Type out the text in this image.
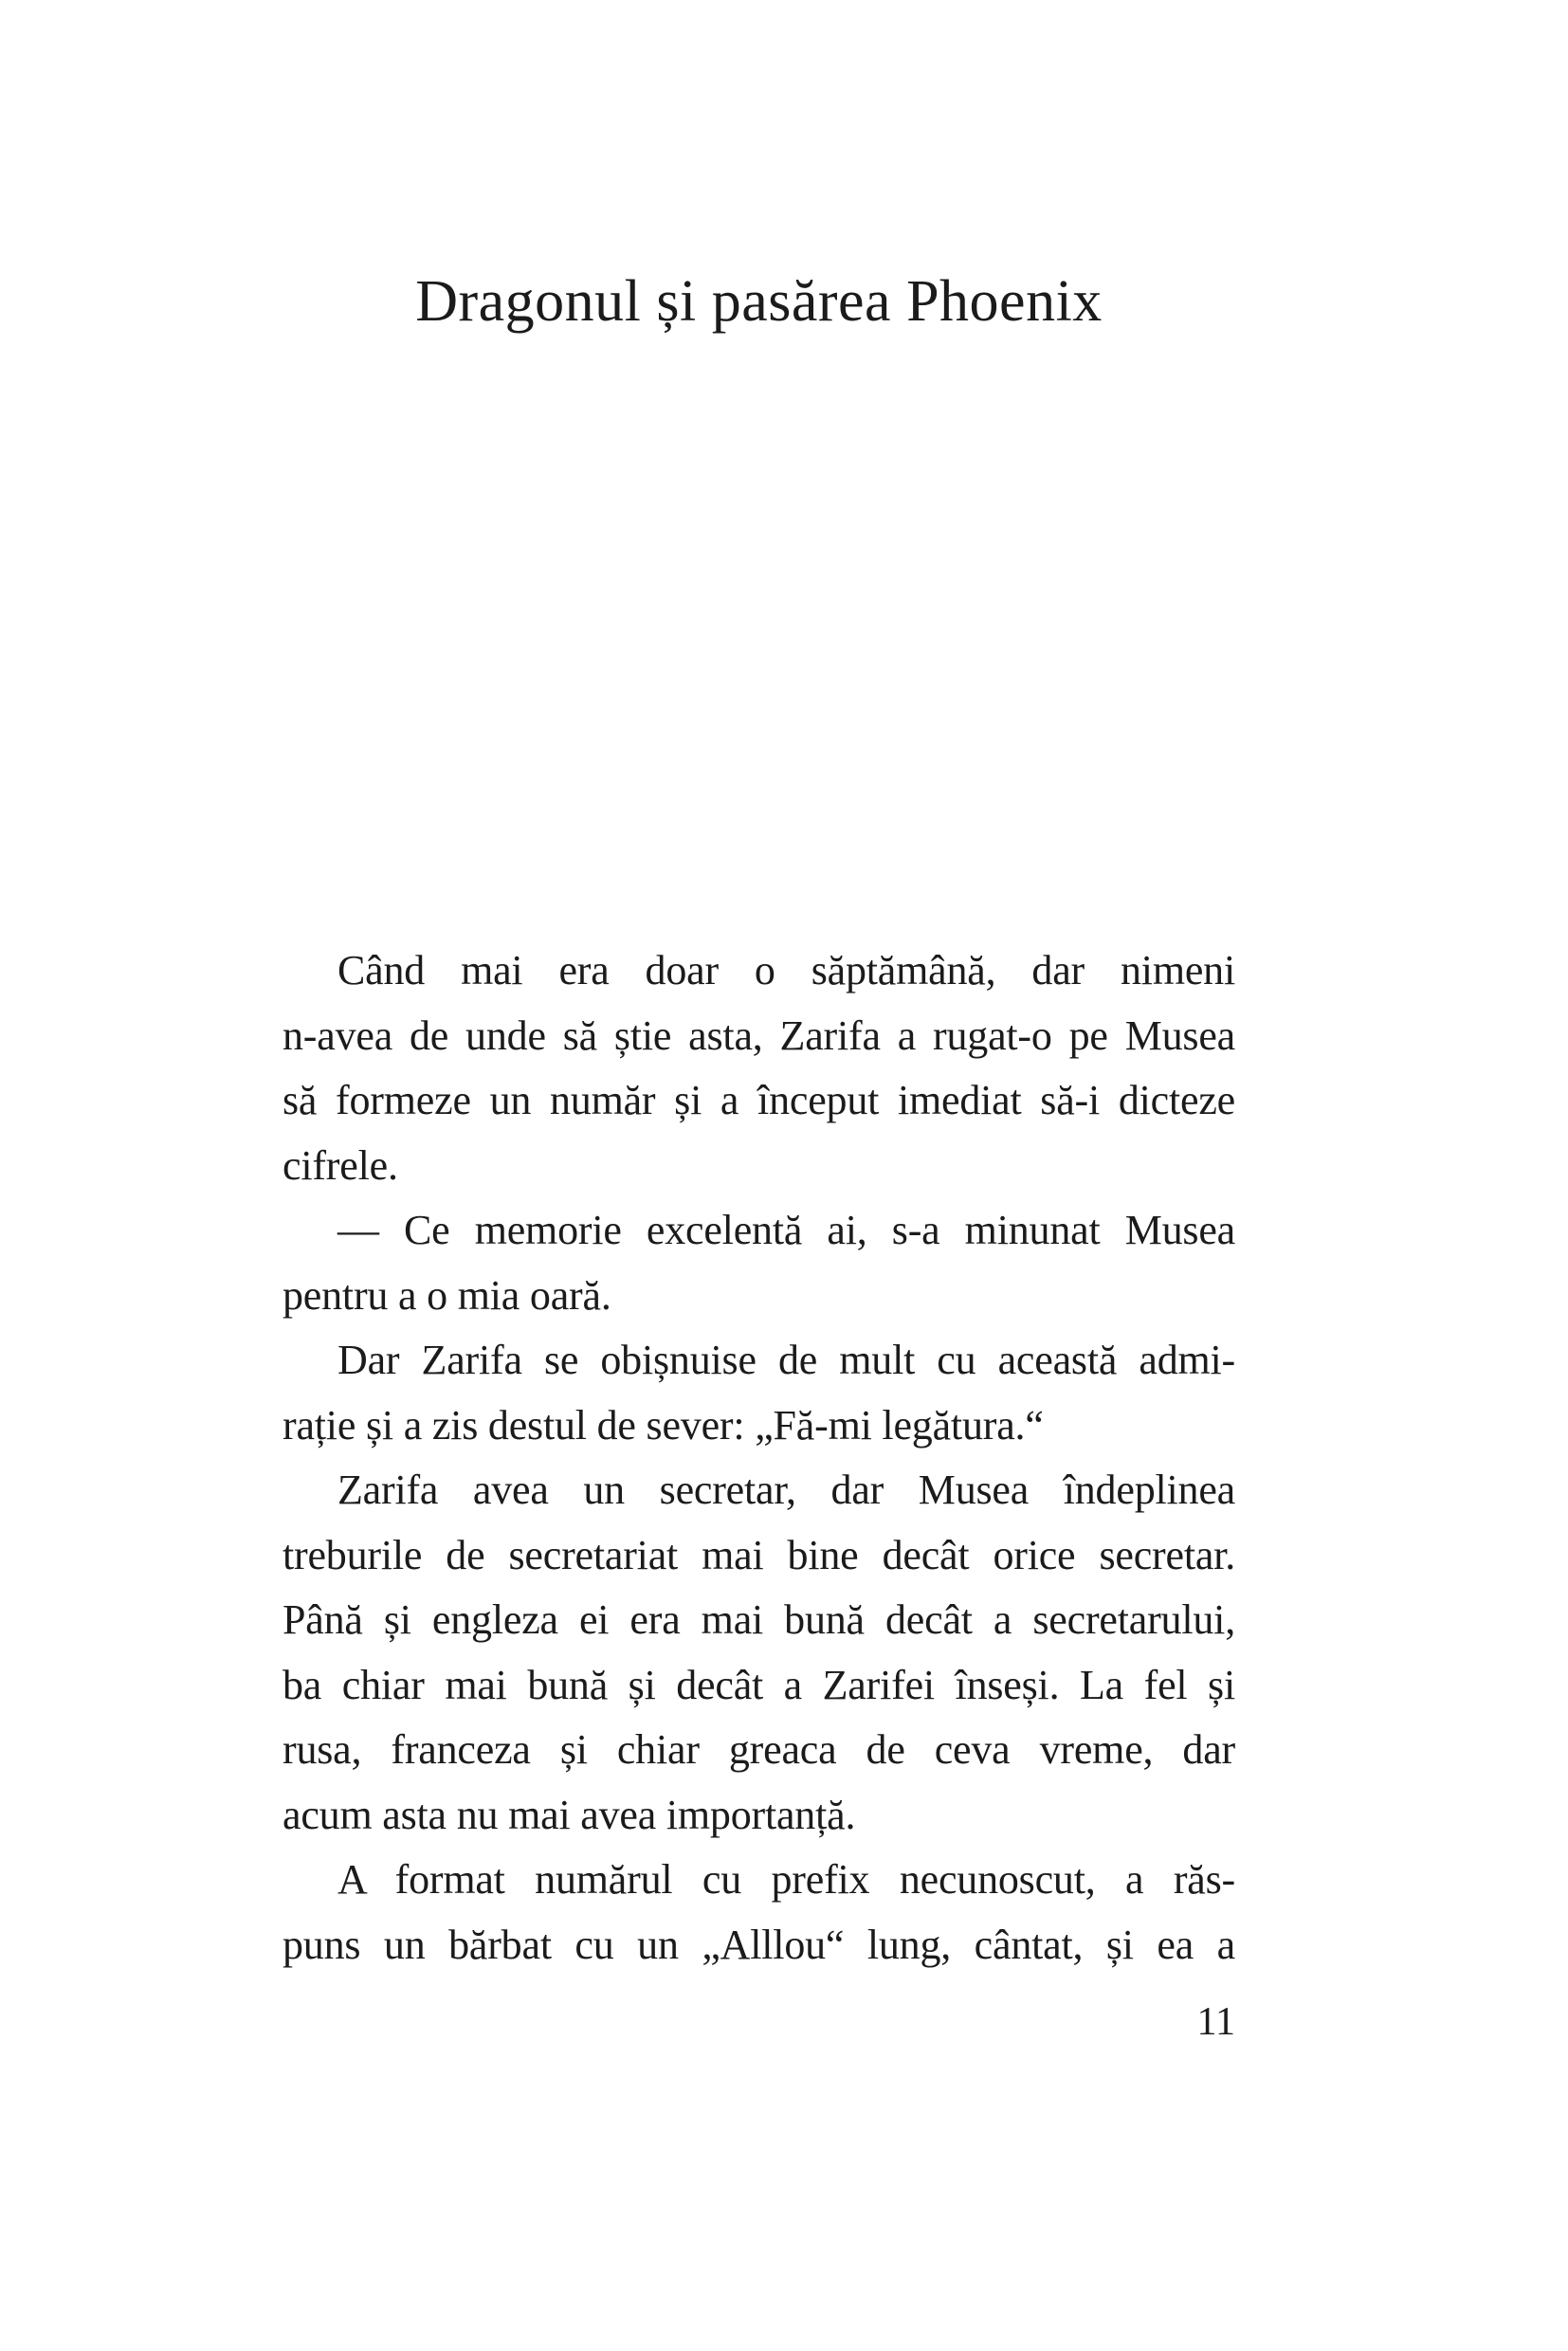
Dragonul și pasărea Phoenix
Când mai era doar o săptămână, dar nimeni
n-avea de unde să știe asta, Zarifa a rugat-o pe Musea
să formeze un număr și a început imediat să-i dicteze
cifrele.
— Ce memorie excelentă ai, s-a minunat Musea
pentru a o mia oară.
Dar Zarifa se obișnuise de mult cu această admi-
rație și a zis destul de sever: „Fă-mi legătura.“
Zarifa avea un secretar, dar Musea îndeplinea
treburile de secretariat mai bine decât orice secretar.
Până și engleza ei era mai bună decât a secretarului,
ba chiar mai bună și decât a Zarifei înseși. La fel și
rusa, franceza și chiar greaca de ceva vreme, dar
acum asta nu mai avea importanță.
A format numărul cu prefix necunoscut, a răs-
puns un bărbat cu un „Alllou“ lung, cântat, și ea a
11
